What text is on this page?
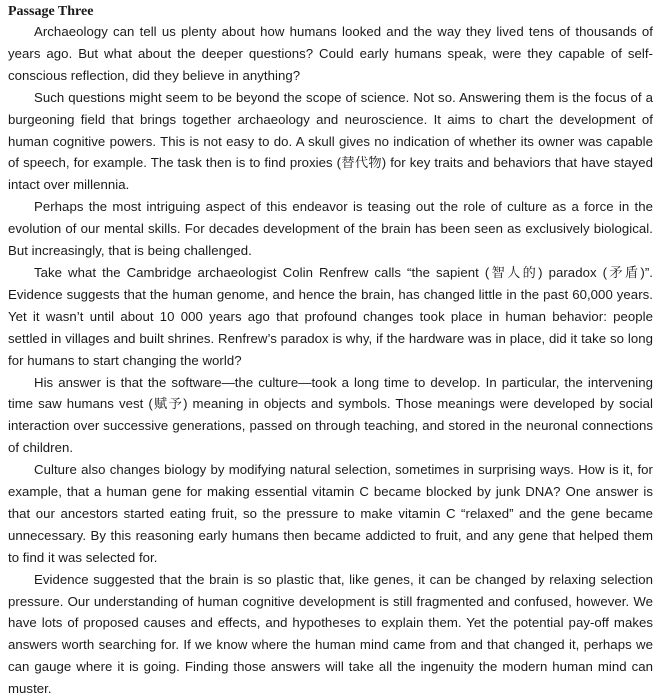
Passage Three

Archaeology can tell us plenty about how humans looked and the way they lived tens of thousands of years ago. But what about the deeper questions? Could early humans speak, were they capable of self-conscious reflection, did they believe in anything?

Such questions might seem to be beyond the scope of science. Not so. Answering them is the focus of a burgeoning field that brings together archaeology and neuroscience. It aims to chart the development of human cognitive powers. This is not easy to do. A skull gives no indication of whether its owner was capable of speech, for example. The task then is to find proxies (替代物) for key traits and behaviors that have stayed intact over millennia.

Perhaps the most intriguing aspect of this endeavor is teasing out the role of culture as a force in the evolution of our mental skills. For decades development of the brain has been seen as exclusively biological. But increasingly, that is being challenged.

Take what the Cambridge archaeologist Colin Renfrew calls “the sapient (智人的) paradox (矛盾)”. Evidence suggests that the human genome, and hence the brain, has changed little in the past 60,000 years. Yet it wasn’t until about 10 000 years ago that profound changes took place in human behavior: people settled in villages and built shrines. Renfrew’s paradox is why, if the hardware was in place, did it take so long for humans to start changing the world?

His answer is that the software—the culture—took a long time to develop. In particular, the intervening time saw humans vest (赋予) meaning in objects and symbols. Those meanings were developed by social interaction over successive generations, passed on through teaching, and stored in the neuronal connections of children.

Culture also changes biology by modifying natural selection, sometimes in surprising ways. How is it, for example, that a human gene for making essential vitamin C became blocked by junk DNA? One answer is that our ancestors started eating fruit, so the pressure to make vitamin C “relaxed” and the gene became unnecessary. By this reasoning early humans then became addicted to fruit, and any gene that helped them to find it was selected for.

Evidence suggested that the brain is so plastic that, like genes, it can be changed by relaxing selection pressure. Our understanding of human cognitive development is still fragmented and confused, however. We have lots of proposed causes and effects, and hypotheses to explain them. Yet the potential pay-off makes answers worth searching for. If we know where the human mind came from and that changed it, perhaps we can gauge where it is going. Finding those answers will take all the ingenuity the modern human mind can muster.
